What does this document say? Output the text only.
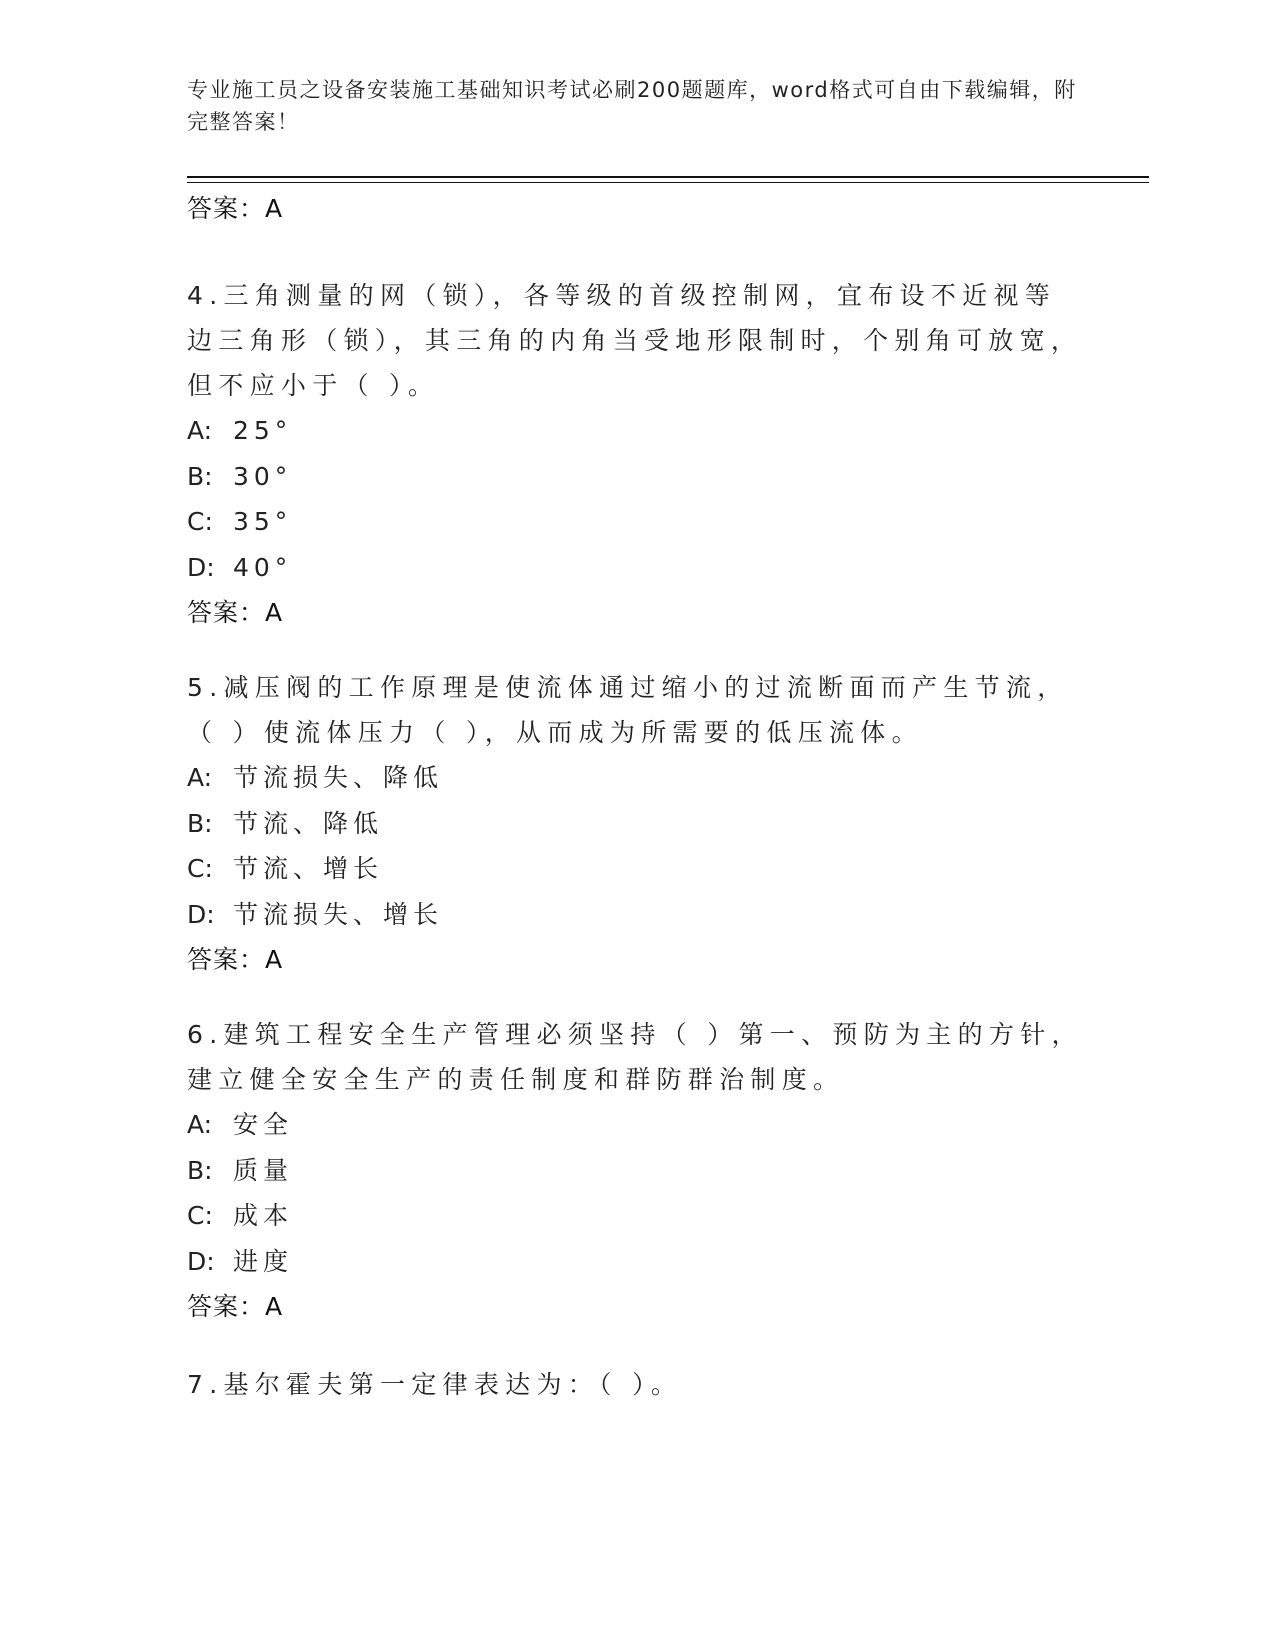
专业施工员之设备安装施工基础知识考试必刷200题题库，word格式可自由下载编辑，附完整答案！
答案：A
4.三角测量的网（锁），各等级的首级控制网，宜布设不近视等边三角形（锁），其三角的内角当受地形限制时，个别角可放宽，但不应小于（ ）。
A: 25°
B: 30°
C: 35°
D: 40°
答案：A
5.减压阀的工作原理是使流体通过缩小的过流断面而产生节流，（ ）使流体压力（ ），从而成为所需要的低压流体。
A: 节流损失、降低
B: 节流、降低
C: 节流、增长
D: 节流损失、增长
答案：A
6.建筑工程安全生产管理必须坚持（ ）第一、预防为主的方针，建立健全安全生产的责任制度和群防群治制度。
A: 安全
B: 质量
C: 成本
D: 进度
答案：A
7.基尔霍夫第一定律表达为：（ ）。
